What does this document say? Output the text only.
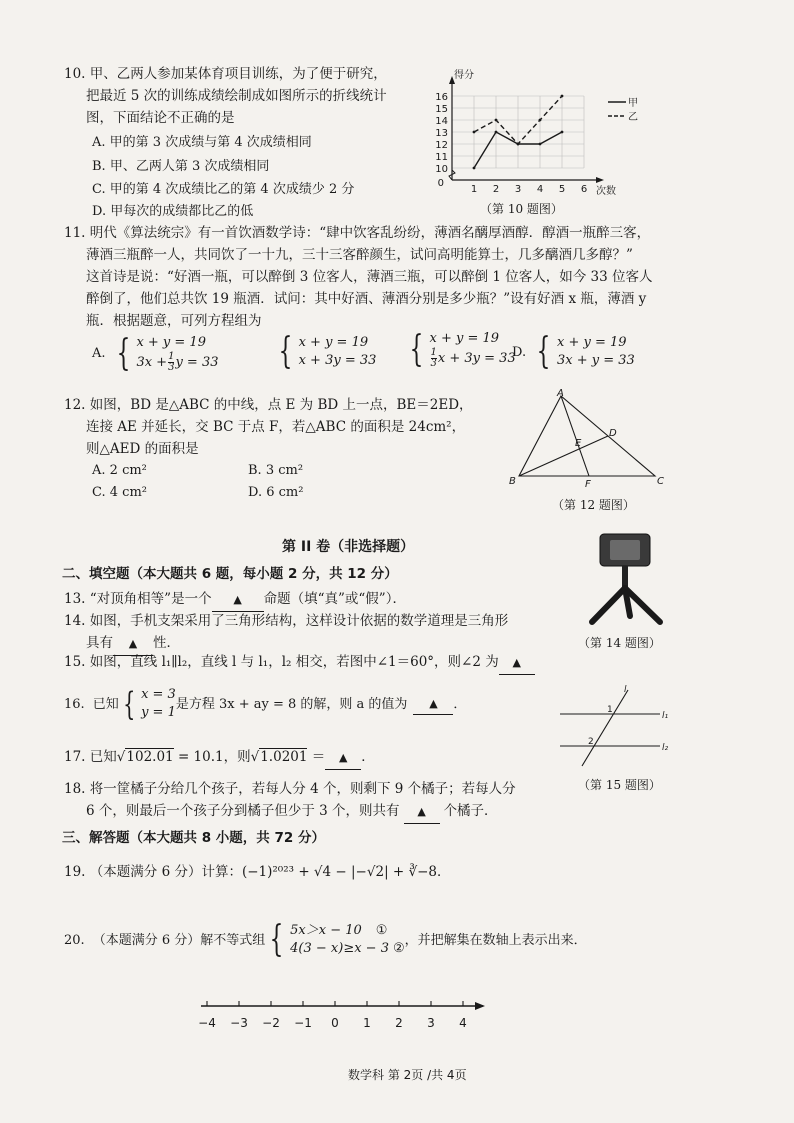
10. 甲、乙两人参加某体育项目训练，为了便于研究，
把最近 5 次的训练成绩绘制成如图所示的折线统计
图，下面结论不正确的是
A. 甲的第 3 次成绩与第 4 次成绩相同
B. 甲、乙两人第 3 次成绩相同
C. 甲的第 4 次成绩比乙的第 4 次成绩少 2 分
D. 甲每次的成绩都比乙的低
10
11
12
13
14
15
16
1 2 3 4 5 6
0
得分
次数
甲
乙
（第 10 题图）
11. 明代《算法统宗》有一首饮酒数学诗：“肆中饮客乱纷纷，薄酒名醨厚酒醇．醇酒一瓶醉三客，
薄酒三瓶醉一人，共同饮了一十九，三十三客醉颜生，试问高明能算士，几多醨酒几多醇？”
这首诗是说：“好酒一瓶，可以醉倒 3 位客人，薄酒三瓶，可以醉倒 1 位客人，如今 33 位客人
醉倒了，他们总共饮 19 瓶酒．试问：其中好酒、薄酒分别是多少瓶？”设有好酒 x 瓶，薄酒 y
瓶．根据题意，可列方程组为
A. { x + y = 19
$3x + \frac{1}{3}$ y = 33 { x + y = 19
x + 3y = 33 { x + y = 19
$\frac{1}{3}$ x + 3y = 33
D. { x + y = 19
3x + y = 33
12. 如图，BD 是△ABC 的中线，点 E 为 BD 上一点，BE＝2ED，
连接 AE 并延长，交 BC 于点 F，若△ABC 的面积是 24cm²，
则△AED 的面积是
A. 2 cm²	B. 3 cm²
C. 4 cm²	D. 6 cm²
A
B	C
D
E
F
（第 12 题图）
第 II 卷（非选择题）
二、填空题（本大题共 6 题，每小题 2 分，共 12 分）
（第 14 题图）
13. “对顶角相等”是一个 ▲ 命题（填“真”或“假”）．
14. 如图，手机支架采用了三角形结构，这样设计依据的数学道理是三角形
具有 ▲ 性．
15. 如图，直线 l₁∥l₂，直线 l 与 l₁，l₂ 相交，若图中∠1＝60°，则∠2 为 ▲
l
l₁
l₂
1
2
（第 15 题图）
16. 已知 { x = 3
y = 1
是方程 3x + ay = 8 的解，则 a 的值为	▲	．
17. 已知√102.01 = 10.1，则√1.0201 ＝ ▲ ．
18. 将一筐橘子分给几个孩子，若每人分 4 个，则剩下 9 个橘子；若每人分
6 个，则最后一个孩子分到橘子但少于 3 个，则共有 ▲ 个橘子．
三、解答题（本大题共 8 小题，共 72 分）
19. （本题满分 6 分）计算：(−1)²⁰²³ + √4 − |−√2| + ∛−8．
20. （本题满分 6 分）解不等式组 { 5x＞x − 10 ①
4(3 − x)≥x − 3 ②
，并把解集在数轴上表示出来．
−4 −3 −2 −1 0 1 2 3 4
数学科 第 2页 /共 4页
